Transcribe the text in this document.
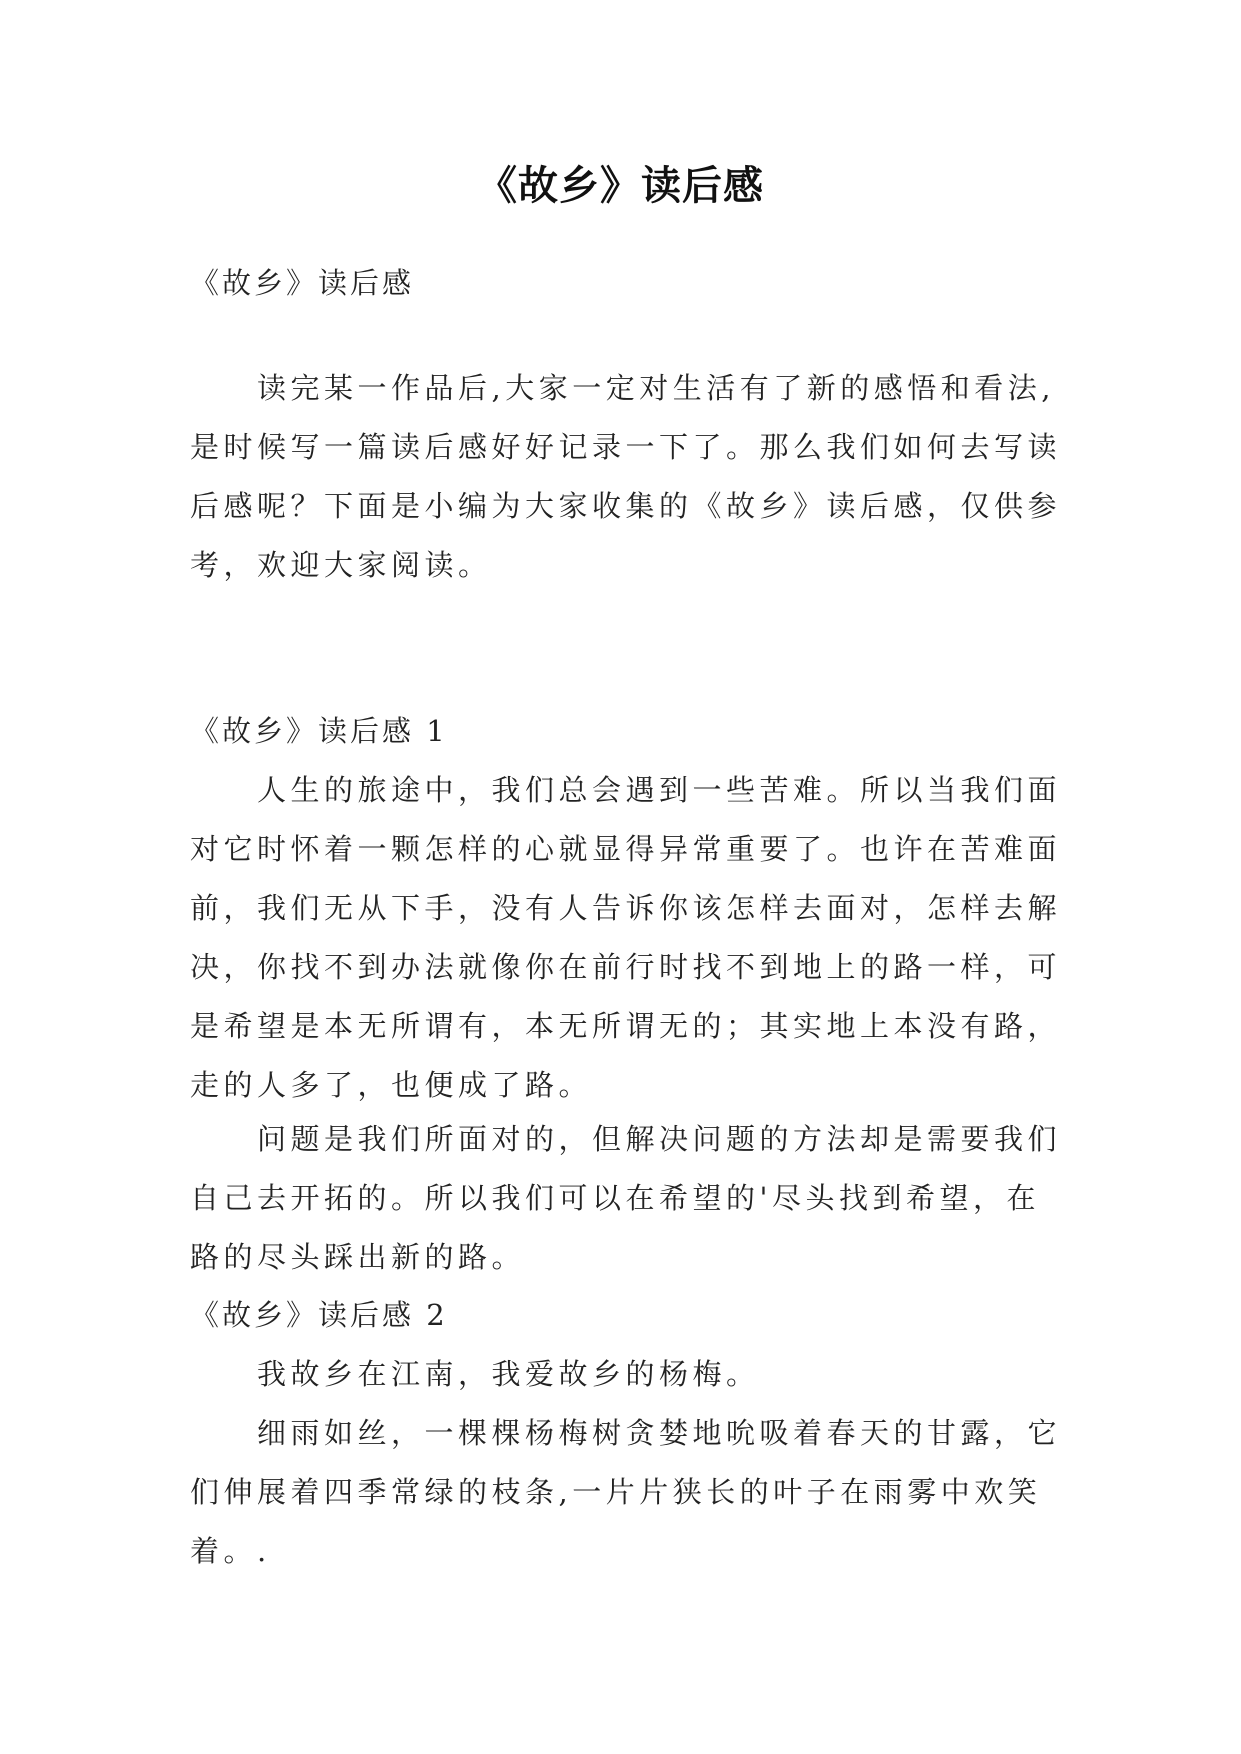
《故乡》读后感
《故乡》读后感
　　读完某一作品后,大家一定对生活有了新的感悟和看法,
是时候写一篇读后感好好记录一下了。那么我们如何去写读
后感呢？下面是小编为大家收集的《故乡》读后感，仅供参
考，欢迎大家阅读。
《故乡》读后感 1
　　人生的旅途中，我们总会遇到一些苦难。所以当我们面
对它时怀着一颗怎样的心就显得异常重要了。也许在苦难面
前，我们无从下手，没有人告诉你该怎样去面对，怎样去解
决，你找不到办法就像你在前行时找不到地上的路一样，可
是希望是本无所谓有，本无所谓无的；其实地上本没有路，
走的人多了，也便成了路。
　　问题是我们所面对的，但解决问题的方法却是需要我们
自己去开拓的。所以我们可以在希望的'尽头找到希望，在
路的尽头踩出新的路。
《故乡》读后感 2
　　我故乡在江南，我爱故乡的杨梅。
　　细雨如丝，一棵棵杨梅树贪婪地吮吸着春天的甘露，它
们伸展着四季常绿的枝条,一片片狭长的叶子在雨雾中欢笑
着。.
